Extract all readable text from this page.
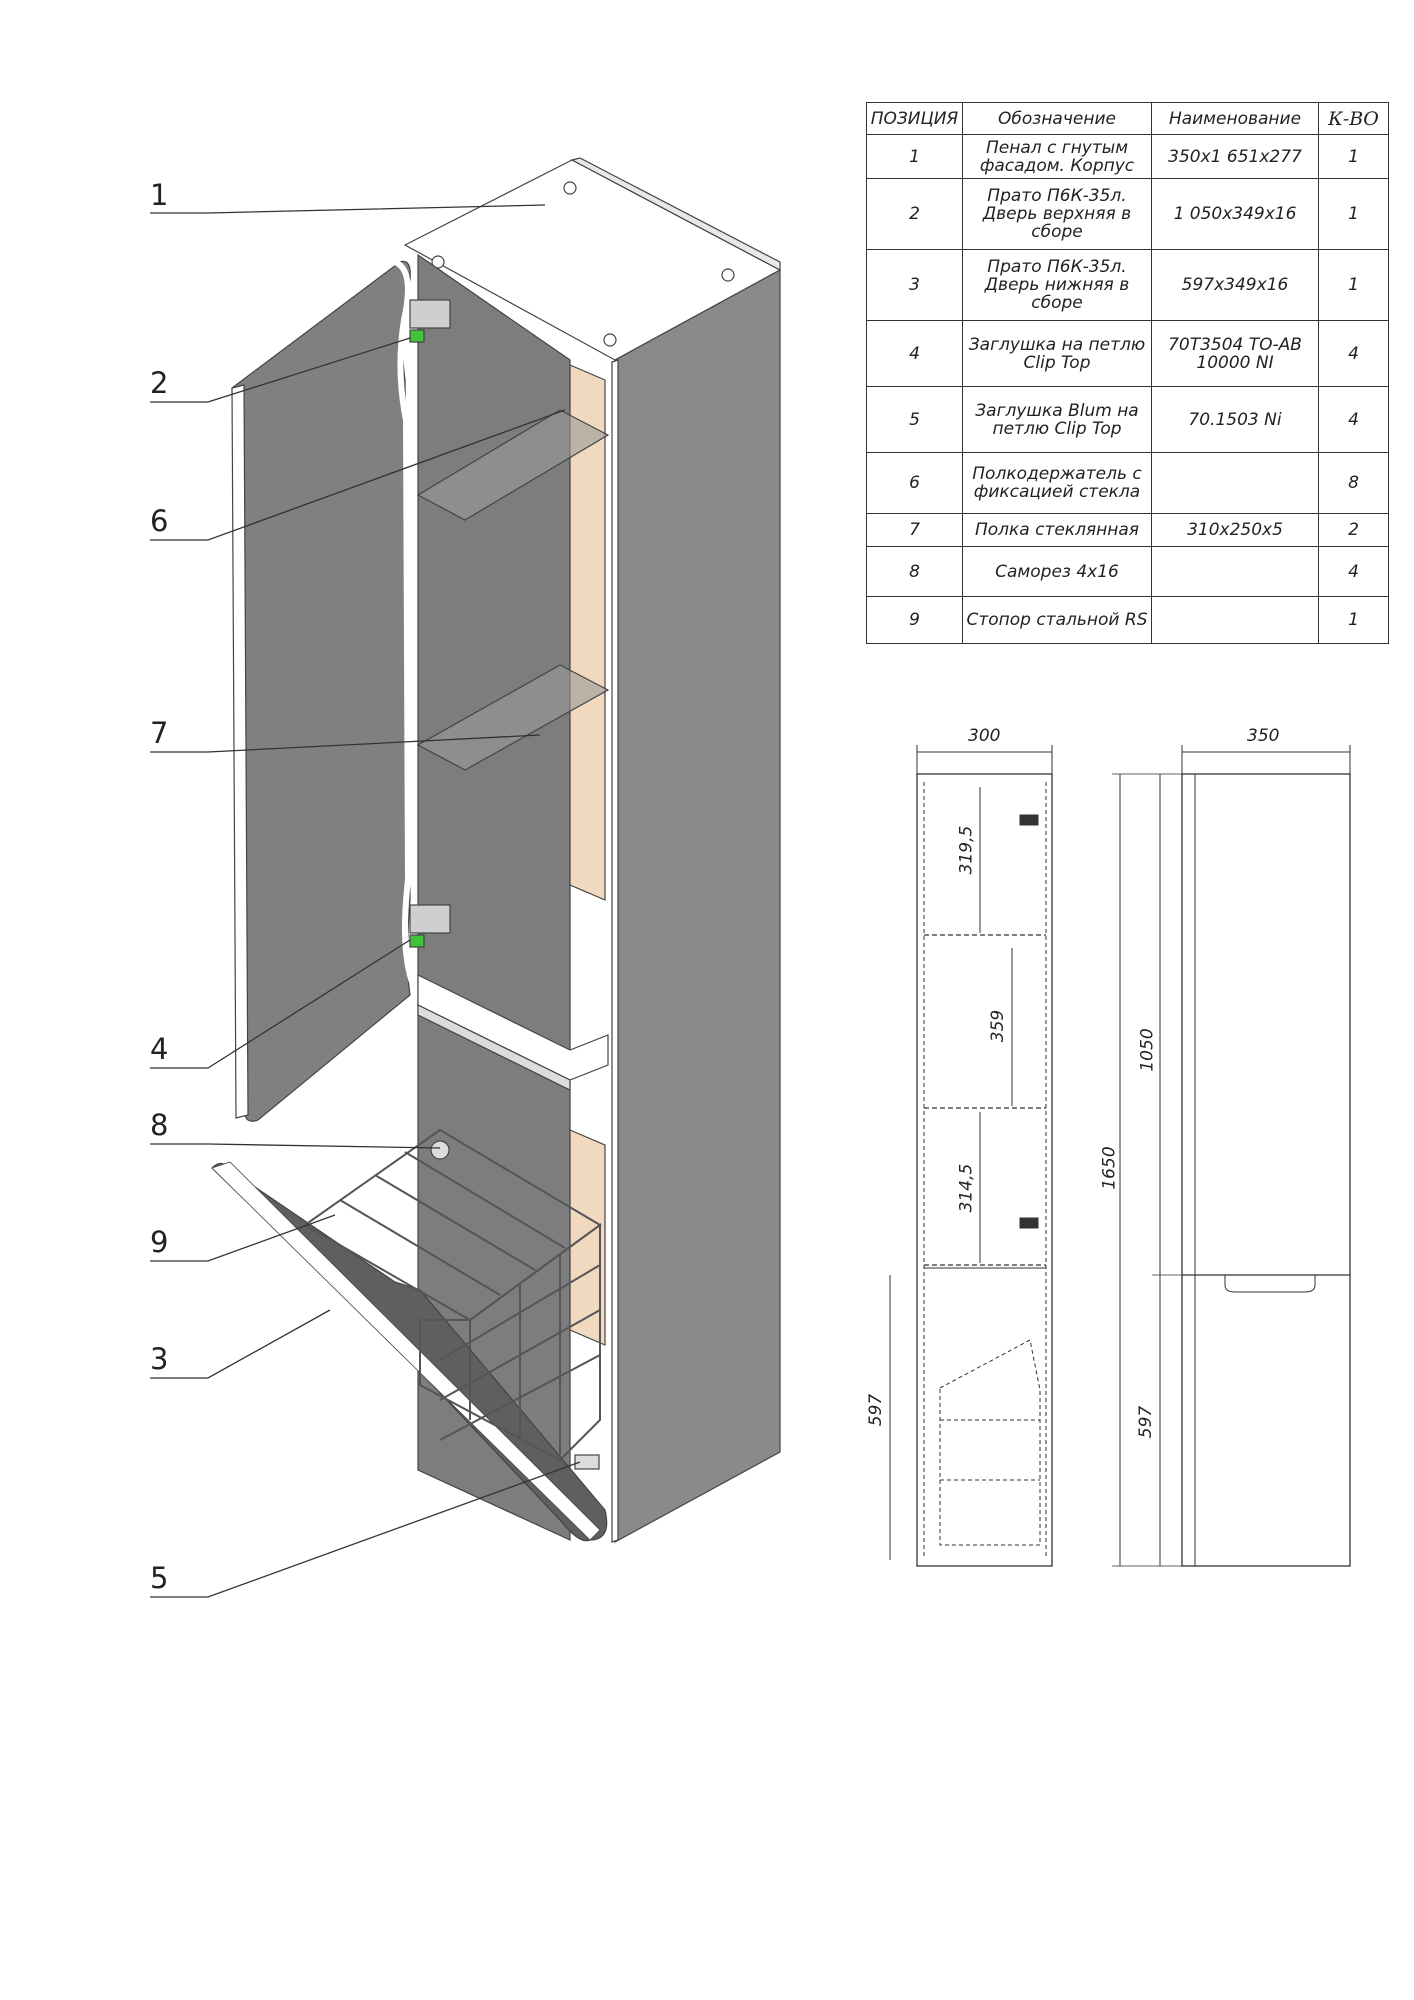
ПОЗИЦИЯ	Обозначение	Наименование	К-ВО
1	Пенал с гнутым фасадом. Корпус	350x1 651x277	1
2	Прато П6К-35л. Дверь верхняя в сборе	1 050x349x16	1
3	Прато П6К-35л. Дверь нижняя в сборе	597x349x16	1
4	Заглушка на петлю Clip Top	70T3504 TO-AB 10000 NI	4
5	Заглушка Blum на петлю Clip Top	70.1503 Ni	4
6	Полкодержатель с фиксацией стекла		8
7	Полка стеклянная	310x250x5	2
8	Саморез 4x16		4
9	Стопор стальной RS		1
1
2
6
7
4
8
9
3
5
300	350
319,5
359
314,5
1050
1650
597	597
